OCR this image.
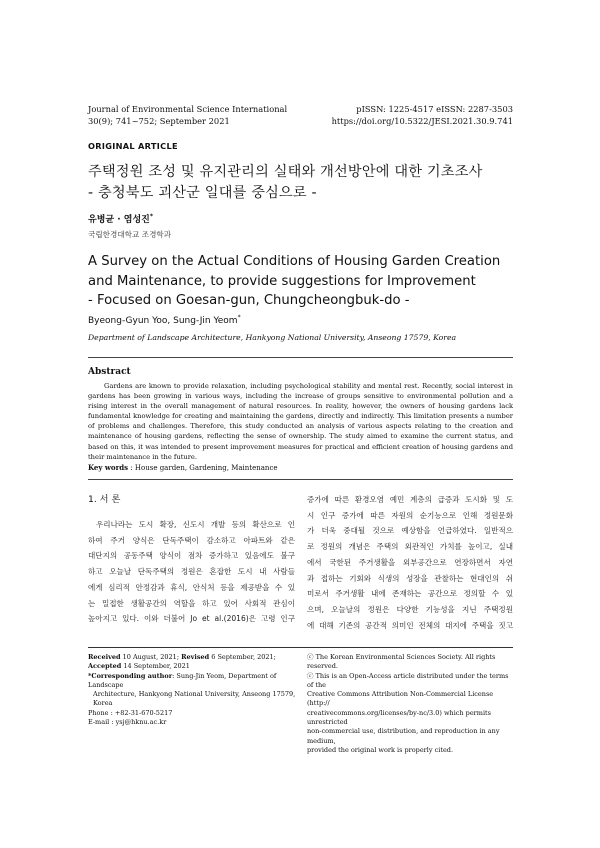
Journal of Environmental Science International
30(9); 741~752; September 2021
pISSN: 1225-4517 eISSN: 2287-3503
https://doi.org/10.5322/JESI.2021.30.9.741
ORIGINAL ARTICLE
주택정원 조성 및 유지관리의 실태와 개선방안에 대한 기초조사
- 충청북도 괴산군 일대를 중심으로 -
유병균 · 염성진*
국립한경대학교 조경학과
A Survey on the Actual Conditions of Housing Garden Creation
and Maintenance, to provide suggestions for Improvement
- Focused on Goesan-gun, Chungcheongbuk-do -
Byeong-Gyun Yoo, Sung-Jin Yeom*
Department of Landscape Architecture, Hankyong National University, Anseong 17579, Korea
Abstract
Gardens are known to provide relaxation, including psychological stability and mental rest. Recently, social interest in gardens has been growing in various ways, including the increase of groups sensitive to environmental pollution and a rising interest in the overall management of natural resources. In reality, however, the owners of housing gardens lack fundamental knowledge for creating and maintaining the gardens, directly and indirectly. This limitation presents a number of problems and challenges. Therefore, this study conducted an analysis of various aspects relating to the creation and maintenance of housing gardens, reflecting the sense of ownership. The study aimed to examine the current status, and based on this, it was intended to present improvement measures for practical and efficient creation of housing gardens and their maintenance in the future.
Key words : House garden, Gardening, Maintenance
1. 서 론
우리나라는 도시 확장, 신도시 개발 등의 확산으로 인
하여 주거 양식은 단독주택이 감소하고 아파트와 같은
대단지의 공동주택 양식이 점차 증가하고 있음에도 불구
하고 오늘날 단독주택의 정원은 혼잡한 도시 내 사람들
에게 심리적 안정감과 휴식, 안식처 등을 제공받을 수 있
는 밀접한 생활공간의 역할을 하고 있어 사회적 관심이
높아지고 있다. 이와 더불어 Jo et al.(2016)은 고령 인구
증가에 따른 환경오염 예민 계층의 급증과 도시화 및 도
시 인구 증가에 따른 자원의 순기능으로 인해 정원문화
가 더욱 중대될 것으로 예상함을 언급하였다. 일반적으
로 정원의 개념은 주택의 외관적인 가치를 높이고, 실내
에서 국한된 주거생활을 외부공간으로 연장하면서 자연
과 접하는 기회와 식생의 성장을 관찰하는 현대인의 쉬
미로서 주거생활 내에 존재하는 공간으로 정의할 수 있
으며, 오늘날의 정원은 다양한 기능성을 지닌 주택정원
에 대해 기존의 공간적 의미인 전체의 대지에 주택을 짓고
Received 10 August, 2021; Revised 6 September, 2021;
Accepted 14 September, 2021
*Corresponding author: Sung-Jin Yeom, Department of Landscape
Architecture, Hankyong National University, Anseong 17579, Korea
Phone : +82-31-670-5217
E-mail : ysj@hknu.ac.kr
ⓒ The Korean Environmental Sciences Society. All rights reserved.
ⓒ This is an Open-Access article distributed under the terms of the
Creative Commons Attribution Non-Commercial License (http://
creativecommons.org/licenses/by-nc/3.0) which permits unrestricted
non-commercial use, distribution, and reproduction in any medium,
provided the original work is properly cited.
